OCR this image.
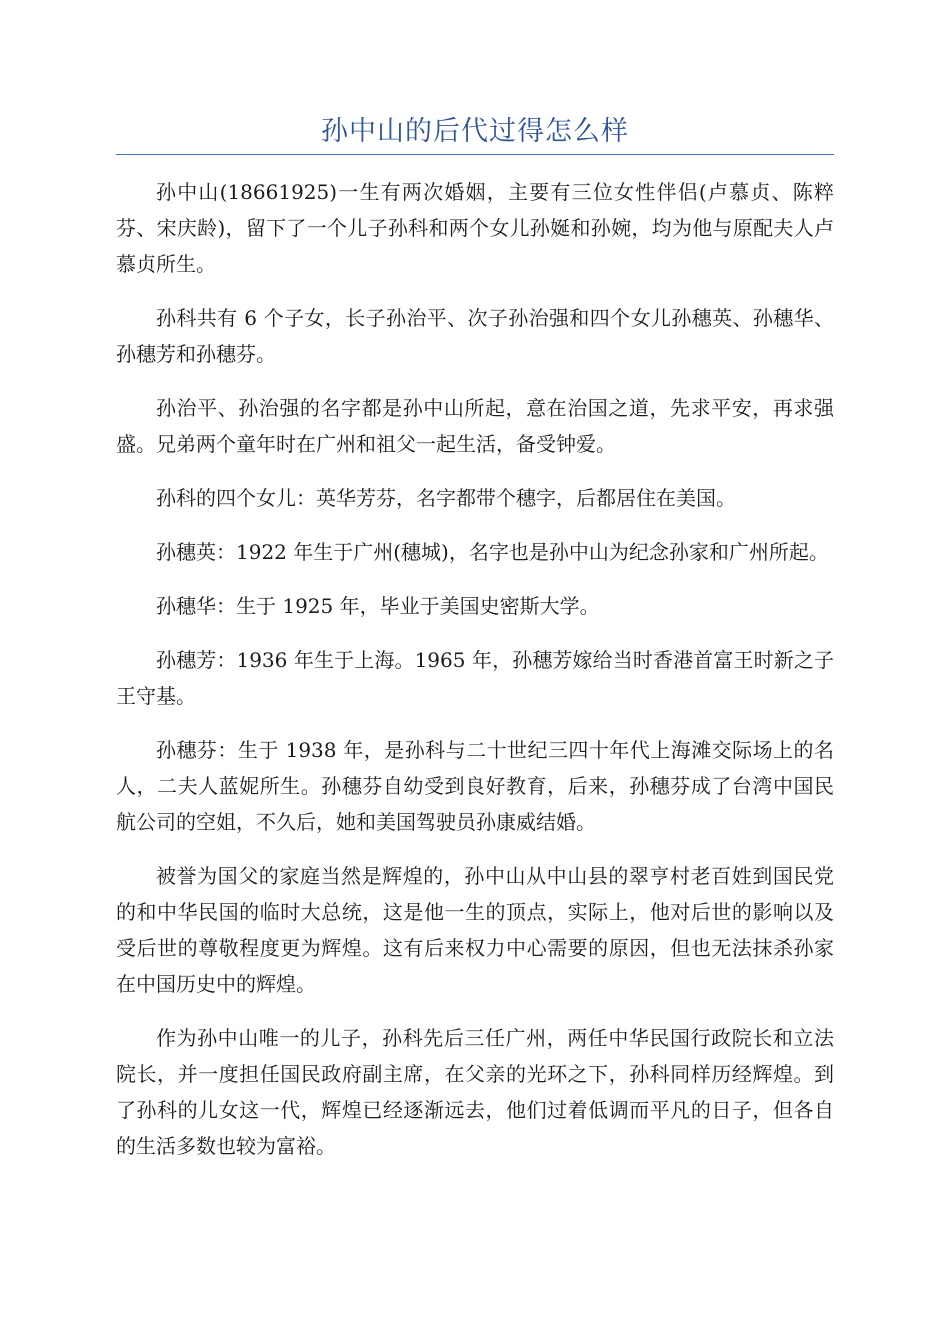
孙中山的后代过得怎么样

孙中山(18661925)一生有两次婚姻，主要有三位女性伴侣(卢慕贞、陈粹芬、宋庆龄)，留下了一个儿子孙科和两个女儿孙娫和孙婉，均为他与原配夫人卢慕贞所生。

孙科共有 6 个子女，长子孙治平、次子孙治强和四个女儿孙穗英、孙穗华、孙穗芳和孙穗芬。

孙治平、孙治强的名字都是孙中山所起，意在治国之道，先求平安，再求强盛。兄弟两个童年时在广州和祖父一起生活，备受钟爱。

孙科的四个女儿：英华芳芬，名字都带个穗字，后都居住在美国。

孙穗英：1922 年生于广州(穗城)，名字也是孙中山为纪念孙家和广州所起。

孙穗华：生于 1925 年，毕业于美国史密斯大学。

孙穗芳：1936 年生于上海。1965 年，孙穗芳嫁给当时香港首富王时新之子王守基。

孙穗芬：生于 1938 年，是孙科与二十世纪三四十年代上海滩交际场上的名人，二夫人蓝妮所生。孙穗芬自幼受到良好教育，后来，孙穗芬成了台湾中国民航公司的空姐，不久后，她和美国驾驶员孙康威结婚。

被誉为国父的家庭当然是辉煌的，孙中山从中山县的翠亨村老百姓到国民党的和中华民国的临时大总统，这是他一生的顶点，实际上，他对后世的影响以及受后世的尊敬程度更为辉煌。这有后来权力中心需要的原因，但也无法抹杀孙家在中国历史中的辉煌。

作为孙中山唯一的儿子，孙科先后三任广州，两任中华民国行政院长和立法院长，并一度担任国民政府副主席，在父亲的光环之下，孙科同样历经辉煌。到了孙科的儿女这一代，辉煌已经逐渐远去，他们过着低调而平凡的日子，但各自的生活多数也较为富裕。
